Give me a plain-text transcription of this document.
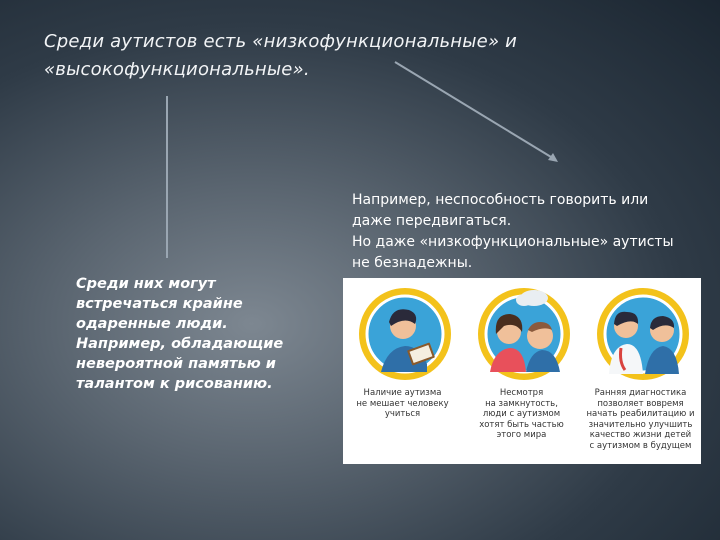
Среди аутистов есть «низкофункциональные» и
«высокофункциональные».
Среди них могут
встречаться крайне
одаренные люди.
Например, обладающие
невероятной памятью и
талантом к рисованию.
Например, неспособность говорить или
даже передвигаться.
Но даже «низкофункциональные» аутисты
не безнадежны.
Наличие аутизма
не мешает человеку
учиться
Несмотря
на замкнутость,
люди с аутизмом
хотят быть частью
этого мира
Ранняя диагностика
позволяет вовремя
начать реабилитацию и
значительно улучшить
качество жизни детей
с аутизмом в будущем
